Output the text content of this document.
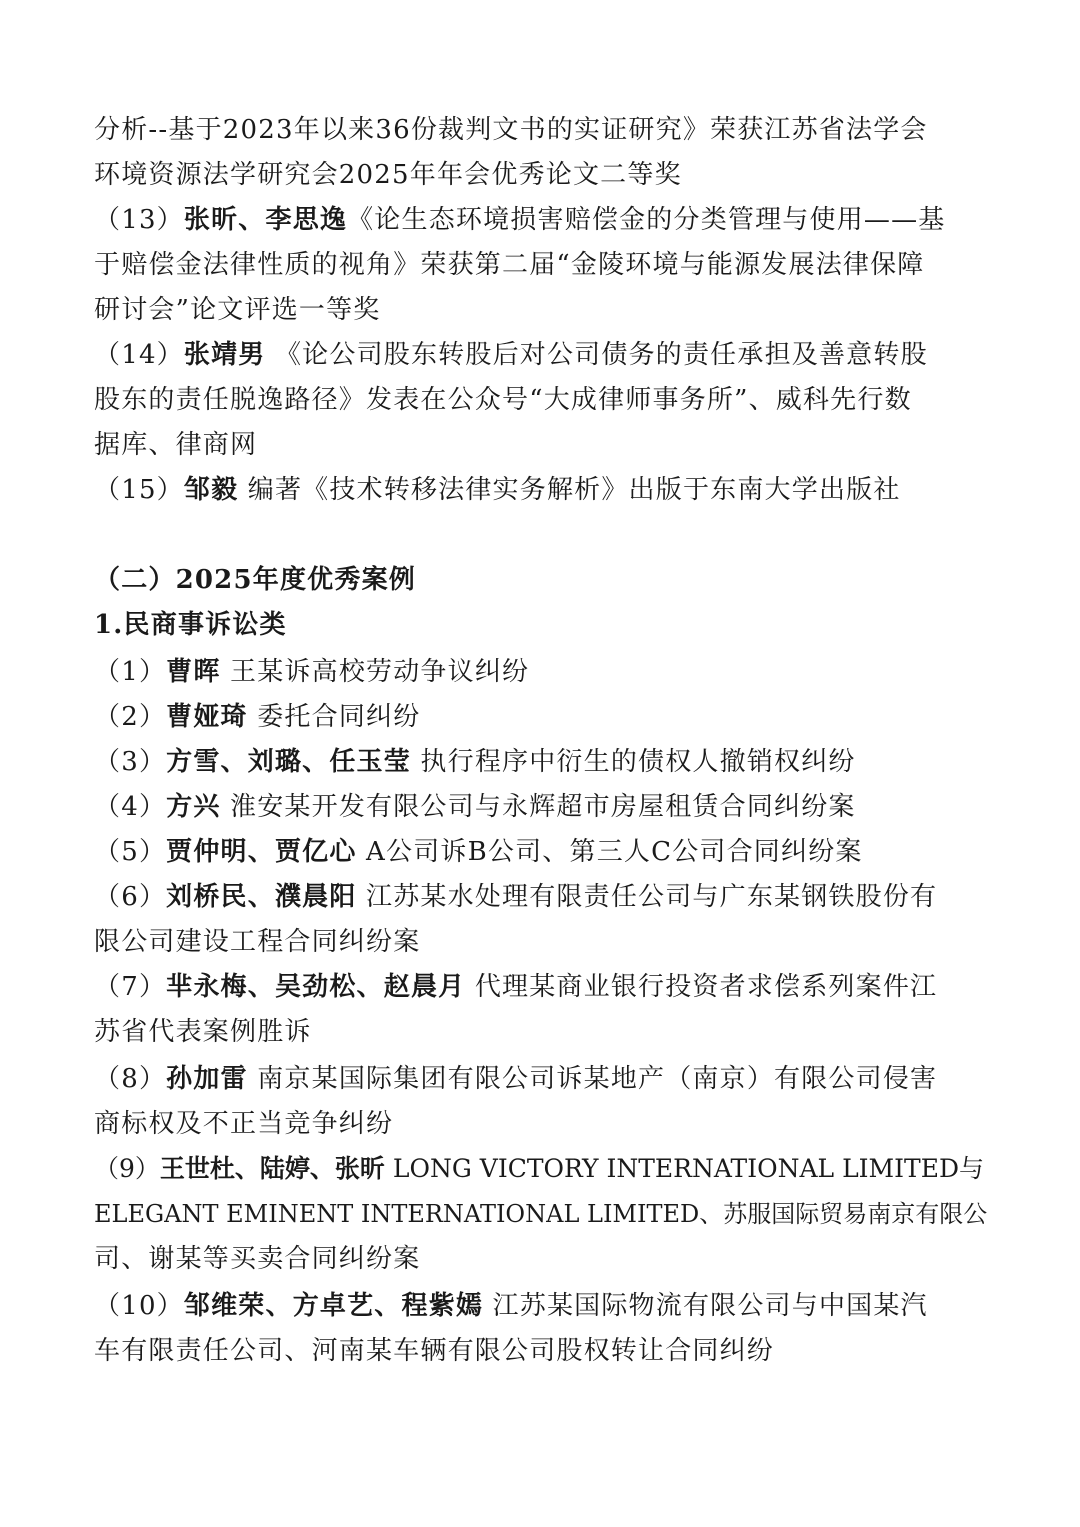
分析--基于2023年以来36份裁判文书的实证研究》荣获江苏省法学会
环境资源法学研究会2025年年会优秀论文二等奖
（13）张昕、李思逸《论生态环境损害赔偿金的分类管理与使用——基
于赔偿金法律性质的视角》荣获第二届“金陵环境与能源发展法律保障
研讨会”论文评选一等奖
（14）张靖男 《论公司股东转股后对公司债务的责任承担及善意转股
股东的责任脱逸路径》发表在公众号“大成律师事务所”、威科先行数
据库、律商网
（15）邹毅 编著《技术转移法律实务解析》出版于东南大学出版社
（二）2025年度优秀案例
1.民商事诉讼类
（1）曹晖 王某诉高校劳动争议纠纷
（2）曹娅琦 委托合同纠纷
（3）方雪、刘璐、任玉莹 执行程序中衍生的债权人撤销权纠纷
（4）方兴 淮安某开发有限公司与永辉超市房屋租赁合同纠纷案
（5）贾仲明、贾亿心 A公司诉B公司、第三人C公司合同纠纷案
（6）刘桥民、濮晨阳 江苏某水处理有限责任公司与广东某钢铁股份有
限公司建设工程合同纠纷案
（7）芈永梅、吴劲松、赵晨月 代理某商业银行投资者求偿系列案件江
苏省代表案例胜诉
（8）孙加雷 南京某国际集团有限公司诉某地产（南京）有限公司侵害
商标权及不正当竞争纠纷
（9）王世杜、陆婷、张昕 LONG VICTORY INTERNATIONAL LIMITED与
ELEGANT EMINENT INTERNATIONAL LIMITED、苏服国际贸易南京有限公
司、谢某等买卖合同纠纷案
（10）邹维荣、方卓艺、程紫嫣 江苏某国际物流有限公司与中国某汽
车有限责任公司、河南某车辆有限公司股权转让合同纠纷
